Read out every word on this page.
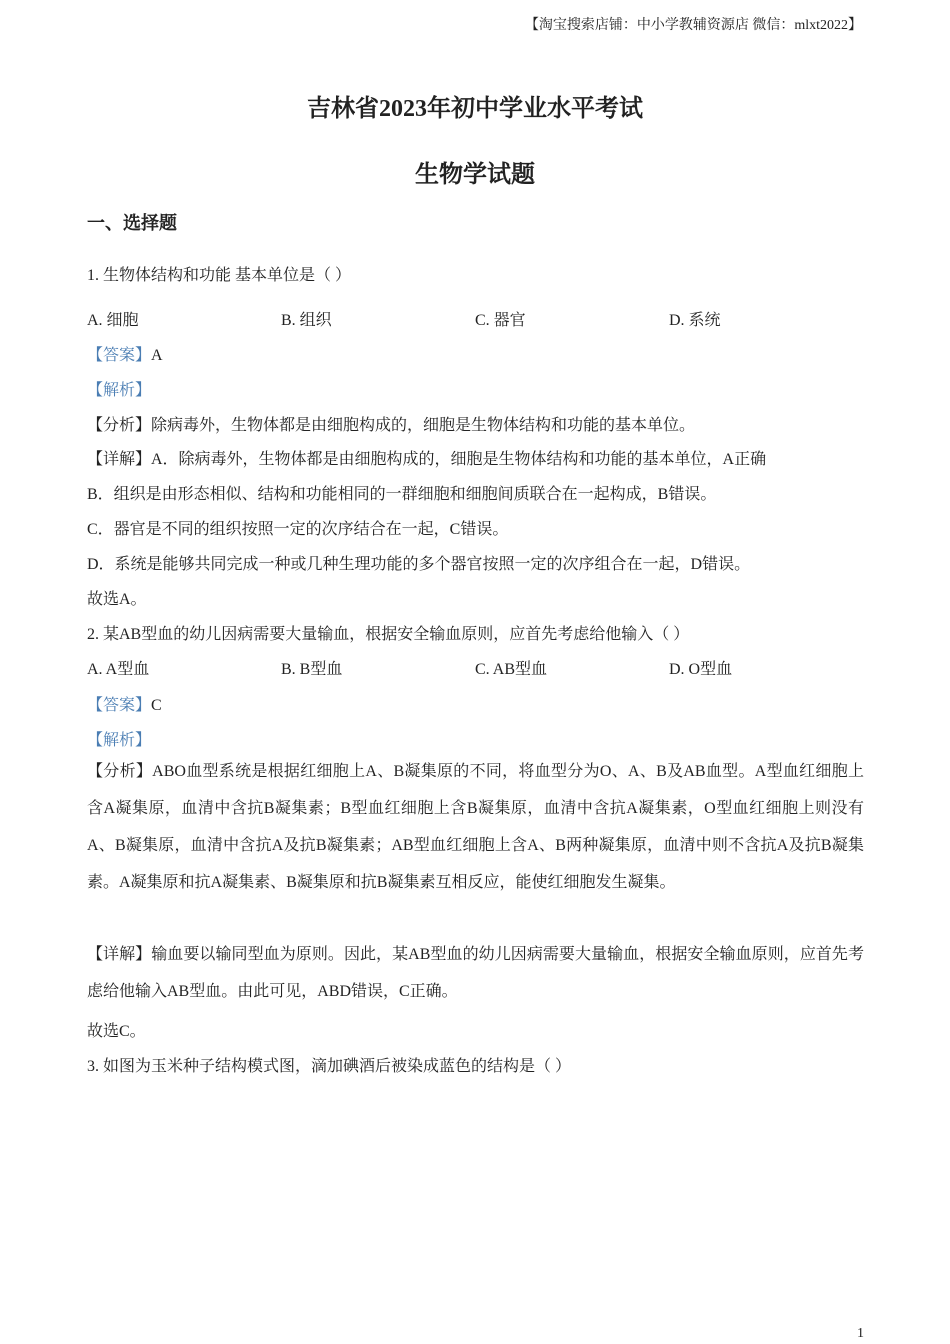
【淘宝搜索店铺：中小学教辅资源店 微信：mlxt2022】
吉林省2023年初中学业水平考试
生物学试题
一、选择题
1. 生物体结构和功能 基本单位是（ ）
A. 细胞	B. 组织	C. 器官	D. 系统
【答案】A
【解析】
【分析】除病毒外，生物体都是由细胞构成的，细胞是生物体结构和功能的基本单位。
【详解】A．除病毒外，生物体都是由细胞构成的，细胞是生物体结构和功能的基本单位，A正确
B．组织是由形态相似、结构和功能相同的一群细胞和细胞间质联合在一起构成，B错误。
C．器官是不同的组织按照一定的次序结合在一起，C错误。
D．系统是能够共同完成一种或几种生理功能的多个器官按照一定的次序组合在一起，D错误。
故选A。
2. 某AB型血的幼儿因病需要大量输血，根据安全输血原则，应首先考虑给他输入（ ）
A. A型血	B. B型血	C. AB型血	D. O型血
【答案】C
【解析】
【分析】ABO血型系统是根据红细胞上A、B凝集原的不同，将血型分为O、A、B及AB血型。A型血红细胞上含A凝集原，血清中含抗B凝集素；B型血红细胞上含B凝集原，血清中含抗A凝集素，O型血红细胞上则没有A、B凝集原，血清中含抗A及抗B凝集素；AB型血红细胞上含A、B两种凝集原，血清中则不含抗A及抗B凝集素。A凝集原和抗A凝集素、B凝集原和抗B凝集素互相反应，能使红细胞发生凝集。
【详解】输血要以输同型血为原则。因此，某AB型血的幼儿因病需要大量输血，根据安全输血原则，应首先考虑给他输入AB型血。由此可见，ABD错误，C正确。
故选C。
3. 如图为玉米种子结构模式图，滴加碘酒后被染成蓝色的结构是（ ）
1
